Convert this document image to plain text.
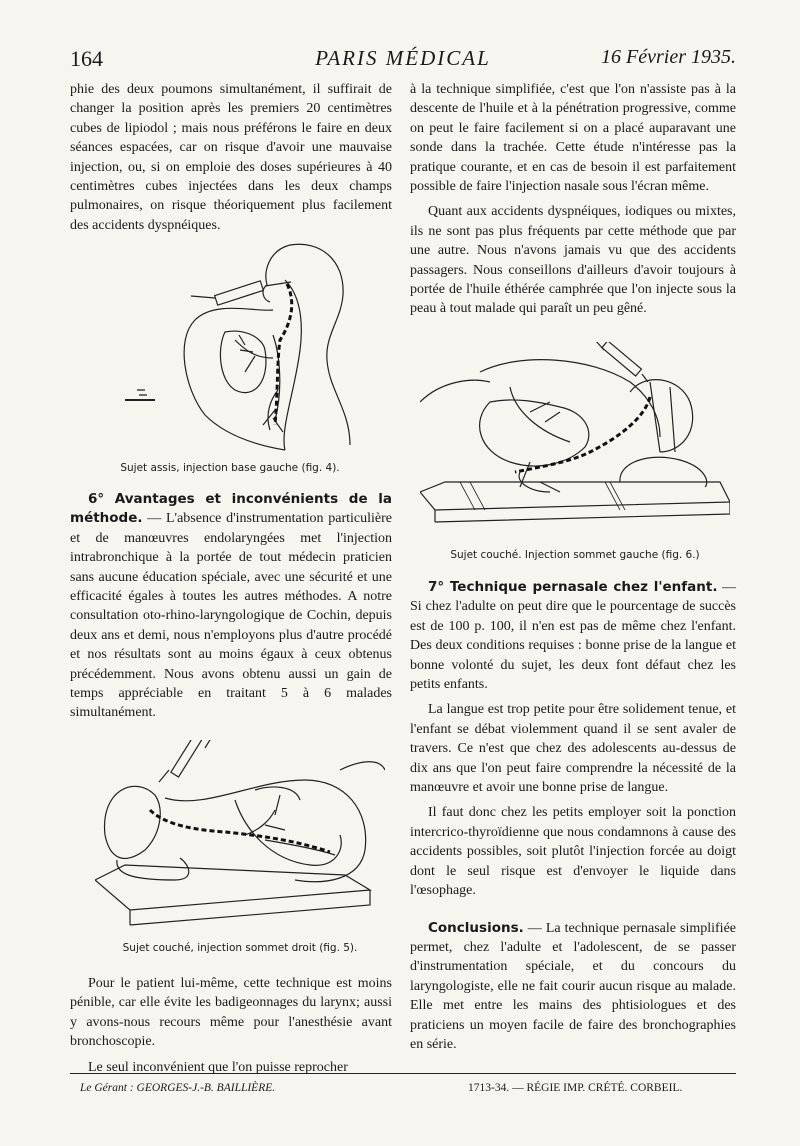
164	PARIS MÉDICAL	16 Février 1935.

phie des deux poumons simultanément, il suffirait de changer la position après les premiers 20 centimètres cubes de lipiodol ; mais nous préférons le faire en deux séances espacées, car on risque d'avoir une mauvaise injection, ou, si on emploie des doses supérieures à 40 centimètres cubes injectées dans les deux champs pulmonaires, on risque théoriquement plus facilement des accidents dyspnéiques.

Sujet assis, injection base gauche (fig. 4).

6° Avantages et inconvénients de la méthode. — L'absence d'instrumentation particulière et de manœuvres endolaryngées met l'injection intrabronchique à la portée de tout médecin praticien sans aucune éducation spéciale, avec une sécurité et une efficacité égales à toutes les autres méthodes. A notre consultation oto-rhino-laryngologique de Cochin, depuis deux ans et demi, nous n'employons plus d'autre procédé et nos résultats sont au moins égaux à ceux obtenus précédemment. Nous avons obtenu aussi un gain de temps appréciable en traitant 5 à 6 malades simultanément.

Sujet couché, injection sommet droit (fig. 5).

Pour le patient lui-même, cette technique est moins pénible, car elle évite les badigeonnages du larynx; aussi y avons-nous recours même pour l'anesthésie avant bronchoscopie.

Le seul inconvénient que l'on puisse reprocher

à la technique simplifiée, c'est que l'on n'assiste pas à la descente de l'huile et à la pénétration progressive, comme on peut le faire facilement si on a placé auparavant une sonde dans la trachée. Cette étude n'intéresse pas la pratique courante, et en cas de besoin il est parfaitement possible de faire l'injection nasale sous l'écran même.

Quant aux accidents dyspnéiques, iodiques ou mixtes, ils ne sont pas plus fréquents par cette méthode que par une autre. Nous n'avons jamais vu que des accidents passagers. Nous conseillons d'ailleurs d'avoir toujours à portée de l'huile éthérée camphrée que l'on injecte sous la peau à tout malade qui paraît un peu gêné.

Sujet couché. Injection sommet gauche (fig. 6.)

7° Technique pernasale chez l'enfant. — Si chez l'adulte on peut dire que le pourcentage de succès est de 100 p. 100, il n'en est pas de même chez l'enfant. Des deux conditions requises : bonne prise de la langue et bonne volonté du sujet, les deux font défaut chez les petits enfants.

La langue est trop petite pour être solidement tenue, et l'enfant se débat violemment quand il se sent avaler de travers. Ce n'est que chez des adolescents au-dessus de dix ans que l'on peut faire comprendre la nécessité de la manœuvre et avoir une bonne prise de langue.

Il faut donc chez les petits employer soit la ponction intercrico-thyroïdienne que nous condamnons à cause des accidents possibles, soit plutôt l'injection forcée au doigt dont le seul risque est d'envoyer le liquide dans l'œsophage.

Conclusions. — La technique pernasale simplifiée permet, chez l'adulte et l'adolescent, de se passer d'instrumentation spéciale, et du concours du laryngologiste, elle ne fait courir aucun risque au malade. Elle met entre les mains des phtisiologues et des praticiens un moyen facile de faire des bronchographies en série.

Le Gérant : GEORGES-J.-B. BAILLIÈRE.	1713-34. — RÉGIE IMP. CRÉTÉ. CORBEIL.
